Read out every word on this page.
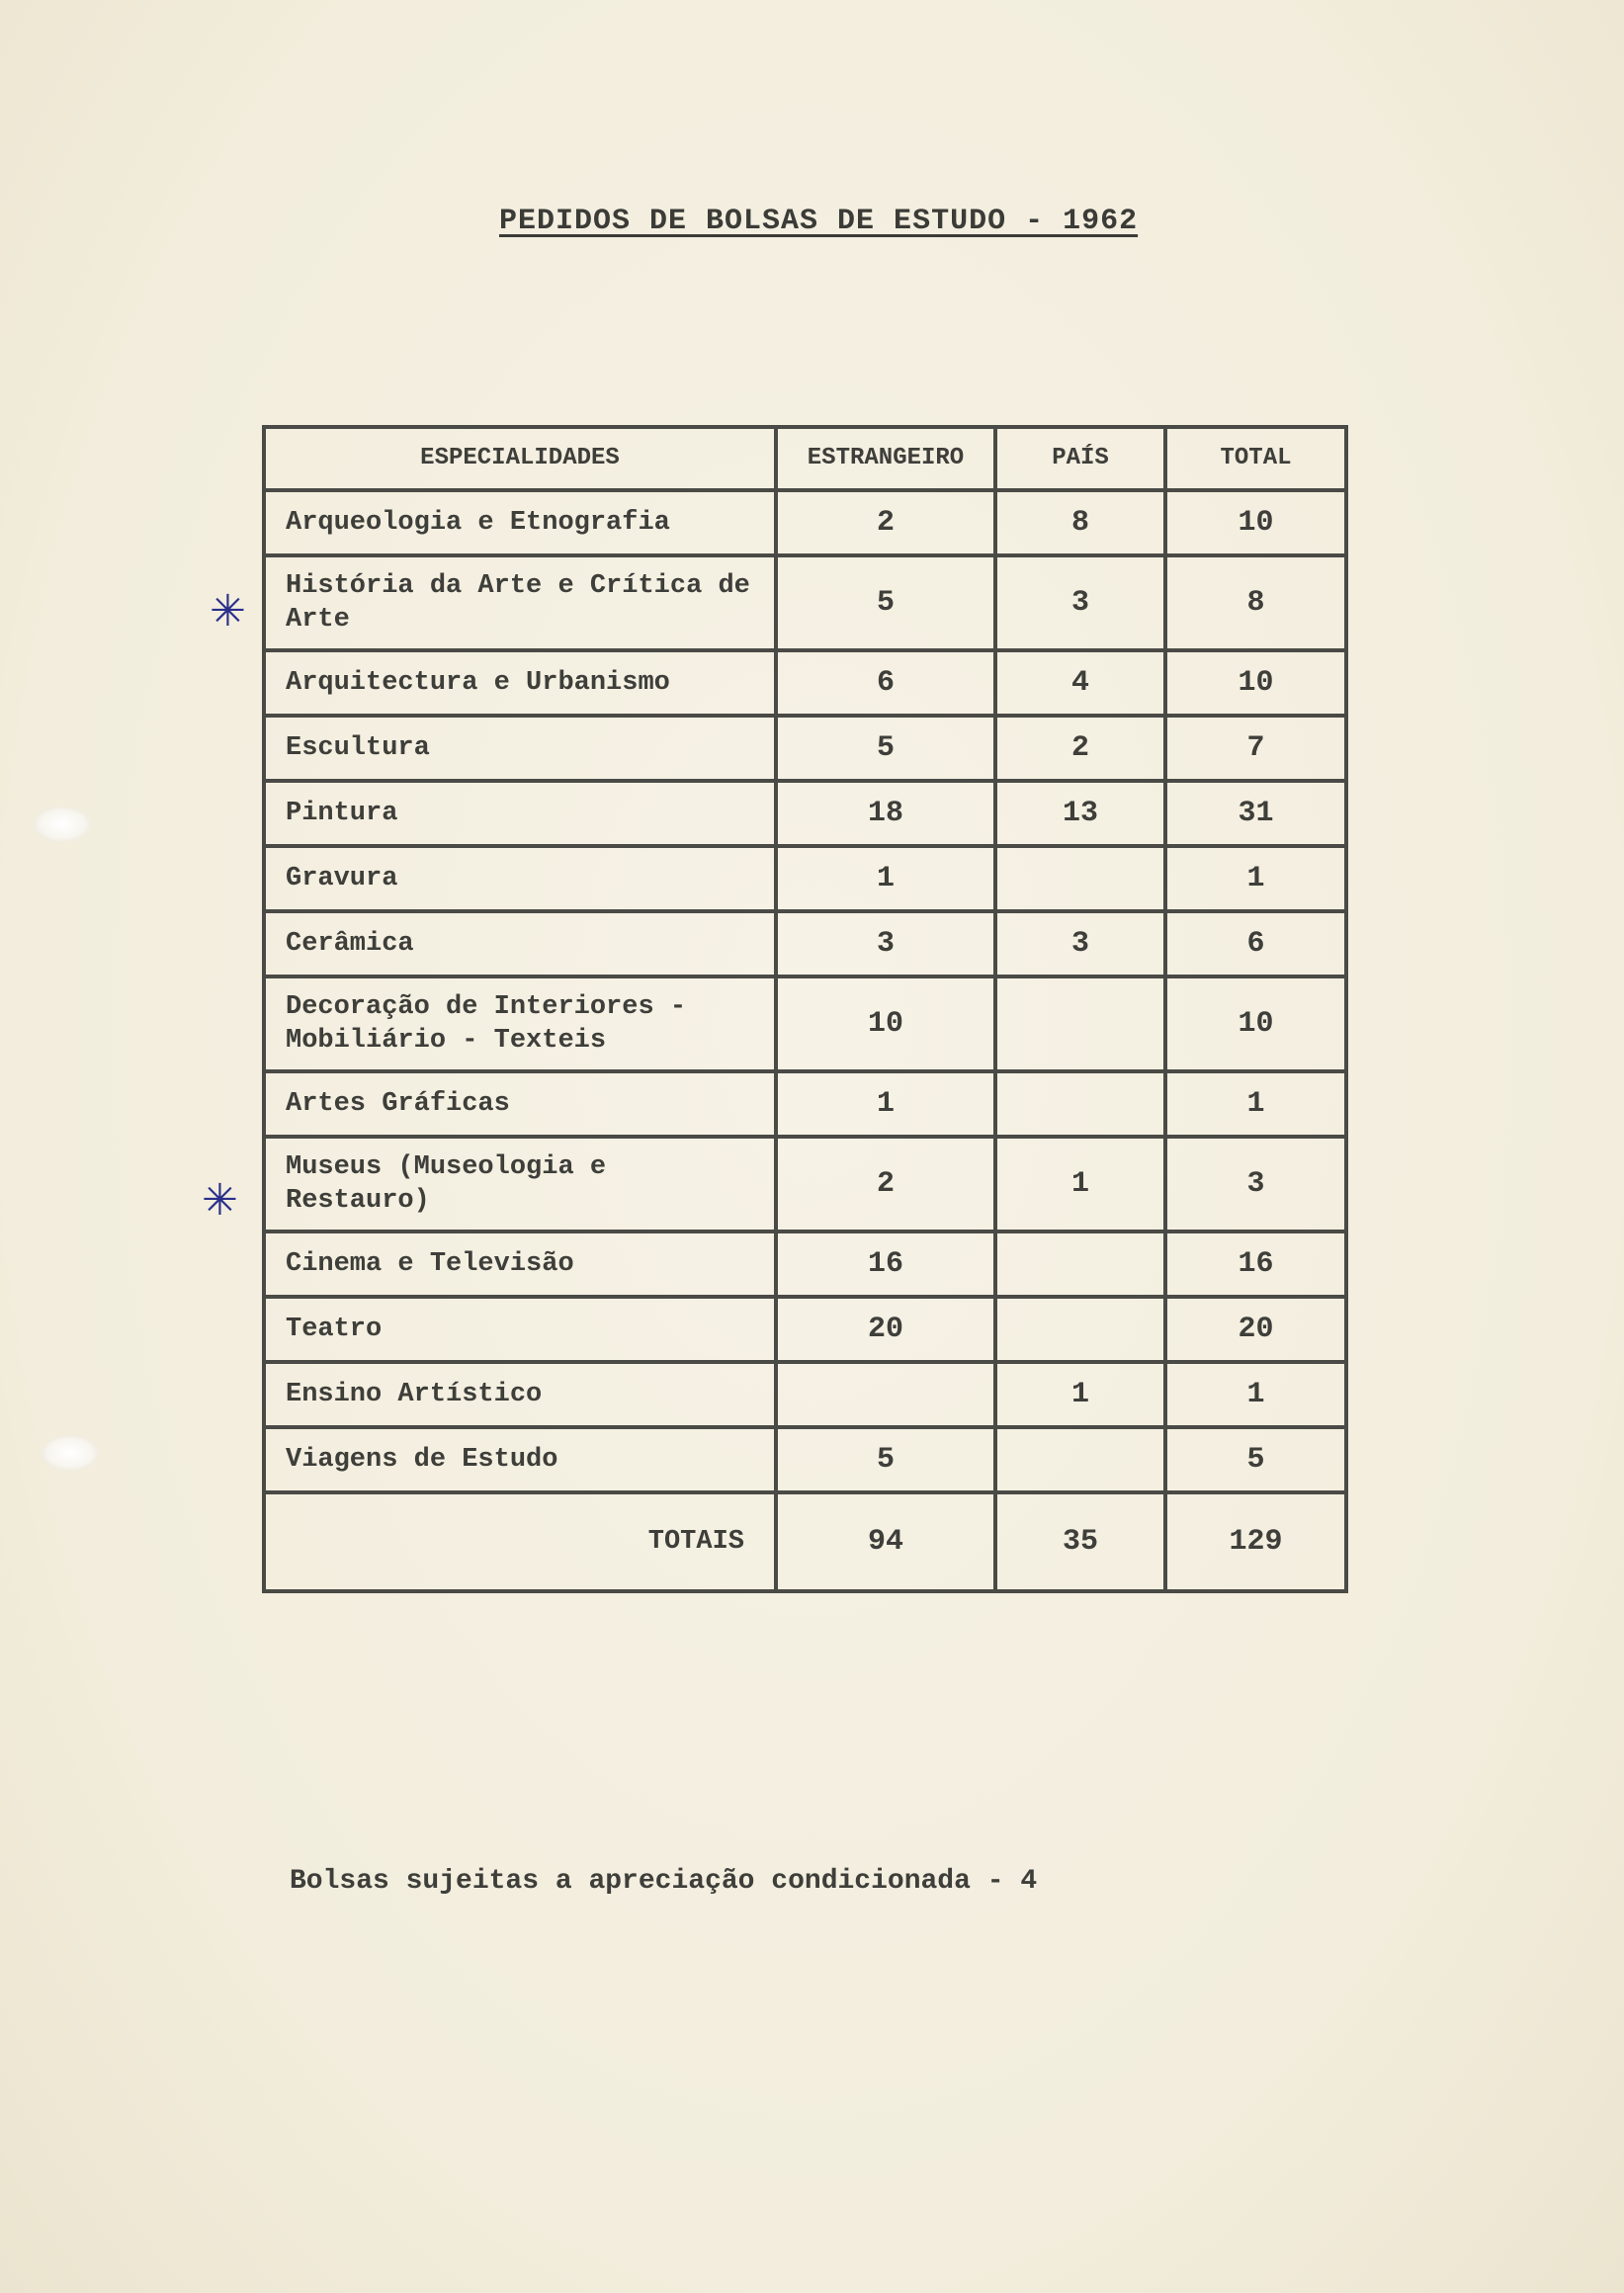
PEDIDOS DE BOLSAS DE ESTUDO - 1962
ESPECIALIDADES	ESTRANGEIRO	PAÍS	TOTAL
Arqueologia e Etnografia	2	8	10
História da Arte e Crítica de Arte	5	3	8
Arquitectura e Urbanismo	6	4	10
Escultura	5	2	7
Pintura	18	13	31
Gravura	1		1
Cerâmica	3	3	6
Decoração de Interiores - Mobiliário - Texteis	10		10
Artes Gráficas	1		1
Museus (Museologia e Restauro)	2	1	3
Cinema e Televisão	16		16
Teatro	20		20
Ensino Artístico		1	1
Viagens de Estudo	5		5
TOTAIS	94	35	129
✳
✳
Bolsas sujeitas a apreciação condicionada - 4
